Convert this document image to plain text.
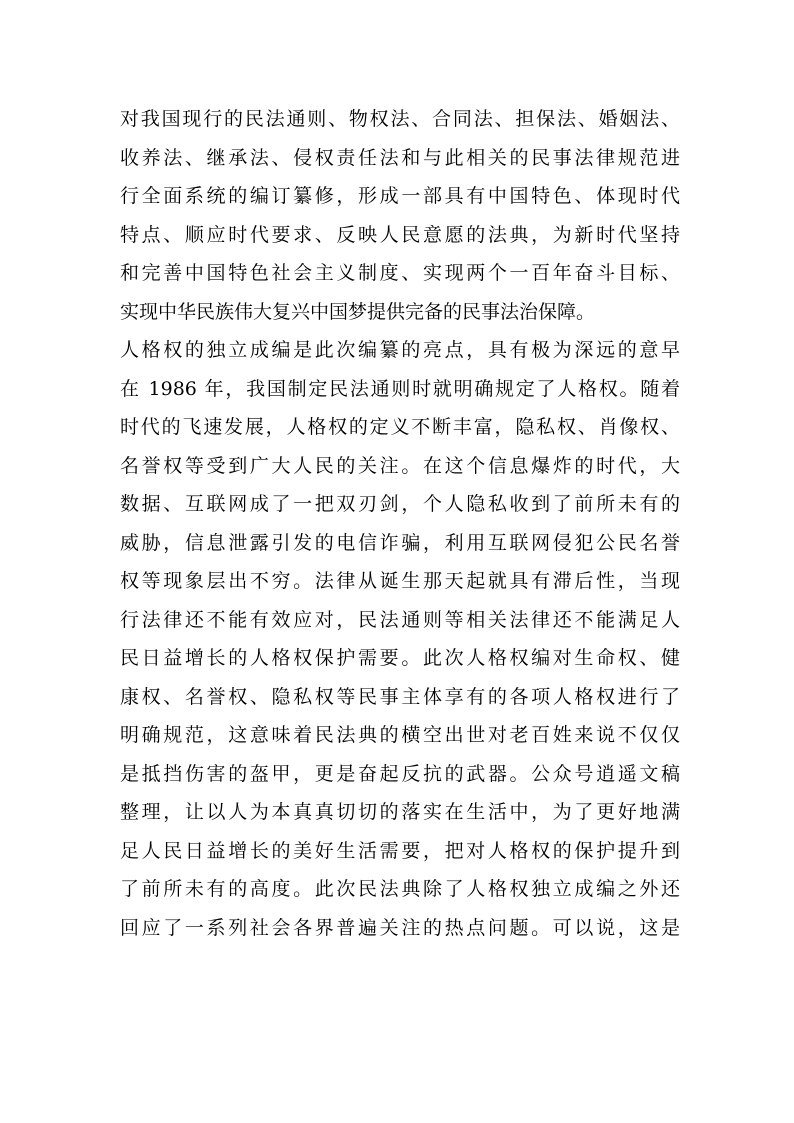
对我国现行的民法通则、物权法、合同法、担保法、婚姻法、
收养法、继承法、侵权责任法和与此相关的民事法律规范进
行全面系统的编订纂修，形成一部具有中国特色、体现时代
特点、顺应时代要求、反映人民意愿的法典，为新时代坚持
和完善中国特色社会主义制度、实现两个一百年奋斗目标、
实现中华民族伟大复兴中国梦提供完备的民事法治保障。
人格权的独立成编是此次编纂的亮点，具有极为深远的意早
在 1986 年，我国制定民法通则时就明确规定了人格权。随着
时代的飞速发展，人格权的定义不断丰富，隐私权、肖像权、
名誉权等受到广大人民的关注。在这个信息爆炸的时代，大
数据、互联网成了一把双刃剑，个人隐私收到了前所未有的
威胁，信息泄露引发的电信诈骗，利用互联网侵犯公民名誉
权等现象层出不穷。法律从诞生那天起就具有滞后性，当现
行法律还不能有效应对，民法通则等相关法律还不能满足人
民日益增长的人格权保护需要。此次人格权编对生命权、健
康权、名誉权、隐私权等民事主体享有的各项人格权进行了
明确规范，这意味着民法典的横空出世对老百姓来说不仅仅
是抵挡伤害的盔甲，更是奋起反抗的武器。公众号逍遥文稿
整理，让以人为本真真切切的落实在生活中，为了更好地满
足人民日益增长的美好生活需要，把对人格权的保护提升到
了前所未有的高度。此次民法典除了人格权独立成编之外还
回应了一系列社会各界普遍关注的热点问题。可以说，这是
